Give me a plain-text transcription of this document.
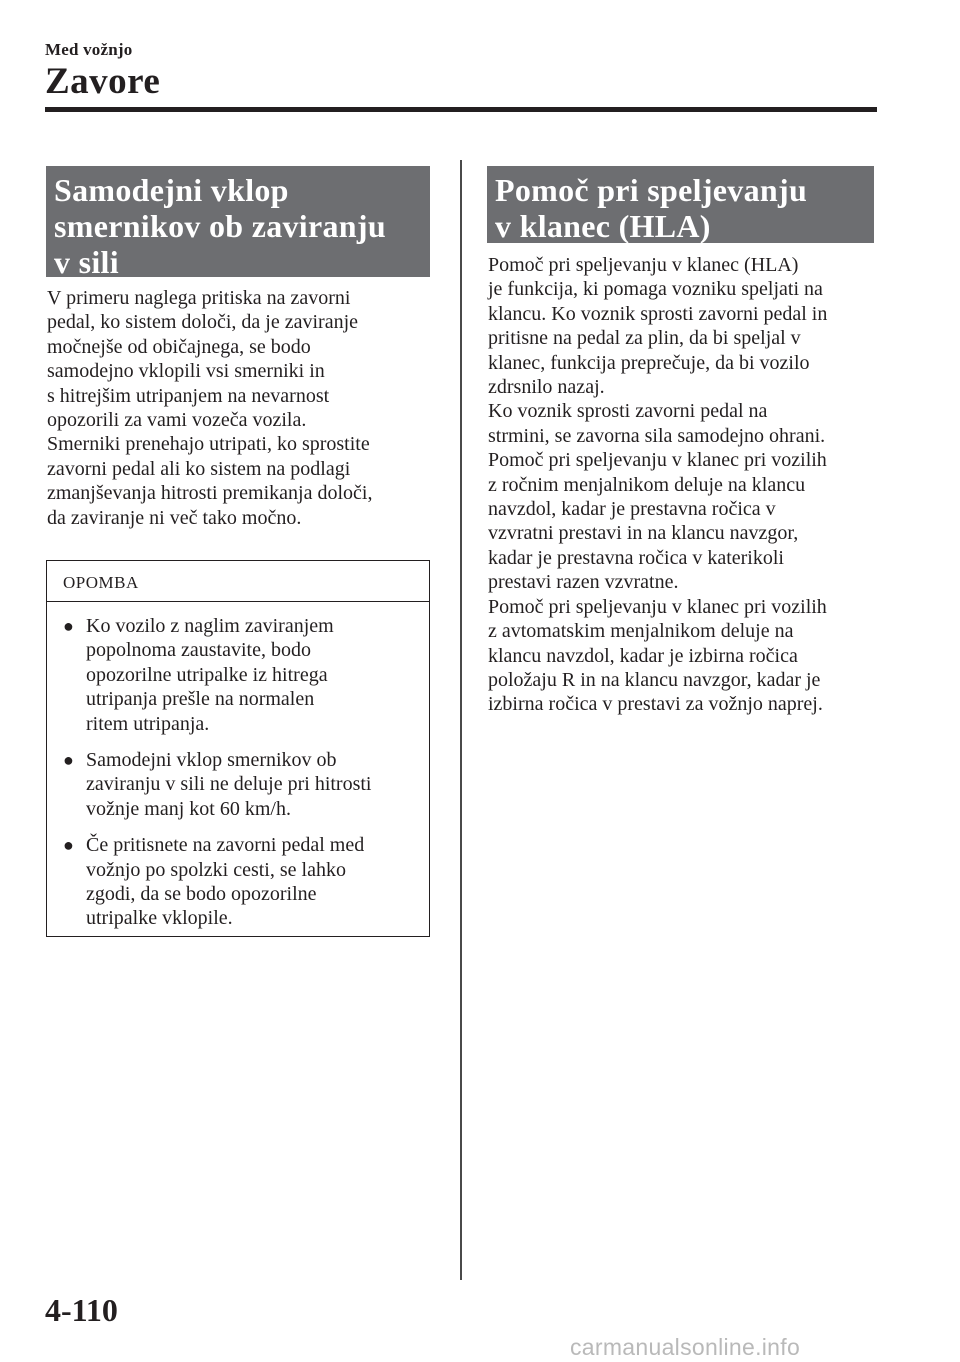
Med vožnjo
Zavore
Samodejni vklop
smernikov ob zaviranju
v sili
V primeru naglega pritiska na zavorni
pedal, ko sistem določi, da je zaviranje
močnejše od običajnega, se bodo
samodejno vklopili vsi smerniki in
s hitrejšim utripanjem na nevarnost
opozorili za vami vozeča vozila.
Smerniki prenehajo utripati, ko sprostite
zavorni pedal ali ko sistem na podlagi
zmanjševanja hitrosti premikanja določi,
da zaviranje ni več tako močno.
OPOMBA
● Ko vozilo z naglim zaviranjem
popolnoma zaustavite, bodo
opozorilne utripalke iz hitrega
utripanja prešle na normalen
ritem utripanja.
● Samodejni vklop smernikov ob
zaviranju v sili ne deluje pri hitrosti
vožnje manj kot 60 km/h.
● Če pritisnete na zavorni pedal med
vožnjo po spolzki cesti, se lahko
zgodi, da se bodo opozorilne
utripalke vklopile.
Pomoč pri speljevanju
v klanec (HLA)
Pomoč pri speljevanju v klanec (HLA)
je funkcija, ki pomaga vozniku speljati na
klancu. Ko voznik sprosti zavorni pedal in
pritisne na pedal za plin, da bi speljal v
klanec, funkcija preprečuje, da bi vozilo
zdrsnilo nazaj.
Ko voznik sprosti zavorni pedal na
strmini, se zavorna sila samodejno ohrani.
Pomoč pri speljevanju v klanec pri vozilih
z ročnim menjalnikom deluje na klancu
navzdol, kadar je prestavna ročica v
vzvratni prestavi in na klancu navzgor,
kadar je prestavna ročica v katerikoli
prestavi razen vzvratne.
Pomoč pri speljevanju v klanec pri vozilih
z avtomatskim menjalnikom deluje na
klancu navzdol, kadar je izbirna ročica
položaju R in na klancu navzgor, kadar je
izbirna ročica v prestavi za vožnjo naprej.
4-110
carmanualsonline.info
